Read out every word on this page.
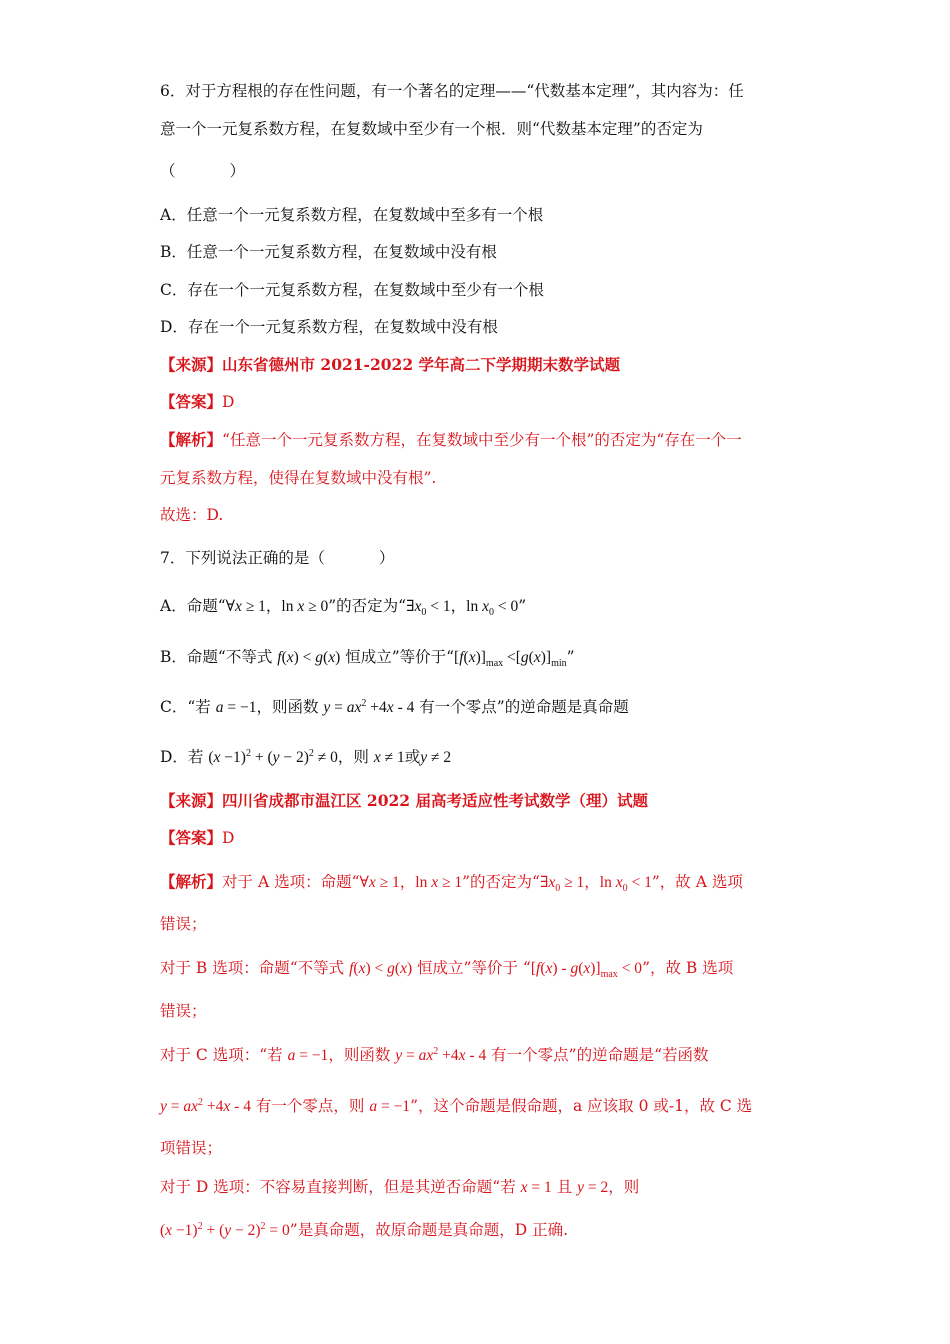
6．对于方程根的存在性问题，有一个著名的定理——“代数基本定理”，其内容为：任
意一个一元复系数方程，在复数域中至少有一个根．则“代数基本定理”的否定为
（	）
A．任意一个一元复系数方程，在复数域中至多有一个根
B．任意一个一元复系数方程，在复数域中没有根
C．存在一个一元复系数方程，在复数域中至少有一个根
D．存在一个一元复系数方程，在复数域中没有根
【来源】山东省德州市 2021-2022 学年高二下学期期末数学试题
【答案】D
【解析】“任意一个一元复系数方程，在复数域中至少有一个根”的否定为“存在一个一
元复系数方程，使得在复数域中没有根”.
故选：D.
7．下列说法正确的是（	）
A．命题“∀x ≥ 1，ln x ≥ 0”的否定为“$\exists x_0 < 1$，$\ln x_0 < 0$”
B．命题“不等式 f(x) < g(x) 恒成立”等价于“$[f(x)]_{max} <[g(x)]_{min}$”
C．“若 a = −1，则函数 $y = ax^2 +4x - 4$ 有一个零点”的逆命题是真命题
D．若 $(x -1)^2 + (y - 2)^2 \ne 0$，则 x ≠ 1或y ≠ 2
【来源】四川省成都市温江区 2022 届高考适应性考试数学（理）试题
【答案】D
【解析】对于 A 选项：命题“∀x ≥ 1，ln x ≥ 1”的否定为“$\exists x_0 \ge 1$，$\ln x_0 < 1$”，故 A 选项
错误；
对于 B 选项：命题“不等式 f(x) < g(x) 恒成立”等价于 “$[f(x) - g(x)]_{max} < 0$”，故 B 选项
错误；
对于 C 选项：“若 a = −1，则函数 $y = ax^2 +4x - 4$ 有一个零点”的逆命题是“若函数
$y = ax^2 +4x - 4$ 有一个零点，则 a = −1”，这个命题是假命题，a 应该取 0 或-1，故 C 选
项错误；
对于 D 选项：不容易直接判断，但是其逆否命题“若 x = 1 且 y = 2，则
$(x -1)^2 + (y - 2)^2 = 0$”是真命题，故原命题是真命题，D 正确.
